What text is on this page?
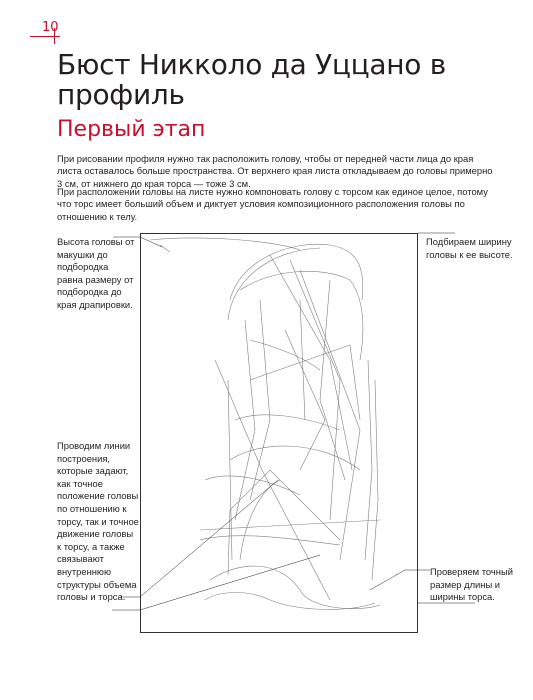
10
Бюст Никколо да Уццано в профиль
Первый этап

При рисовании профиля нужно так расположить голову, чтобы от передней части лица до края листа оставалось больше пространства. От верхнего края листа откладываем до головы примерно 3 см, от нижнего до края торса — тоже 3 см.

При расположении головы на листе нужно компоновать голову с торсом как единое целое, потому что торс имеет больший объем и диктует условия композиционного расположения головы по отношению к телу.

Высота головы от макушки до подбородка равна размеру от подбородка до края драпировки.

Подбираем ширину головы к ее высоте.

Проводим линии построения, которые задают, как точное положение головы по отношению к торсу, так и точное движение головы к торсу, а также связывают внутреннюю структуры объема головы и торса.

Проверяем точный размер длины и ширины торса.
